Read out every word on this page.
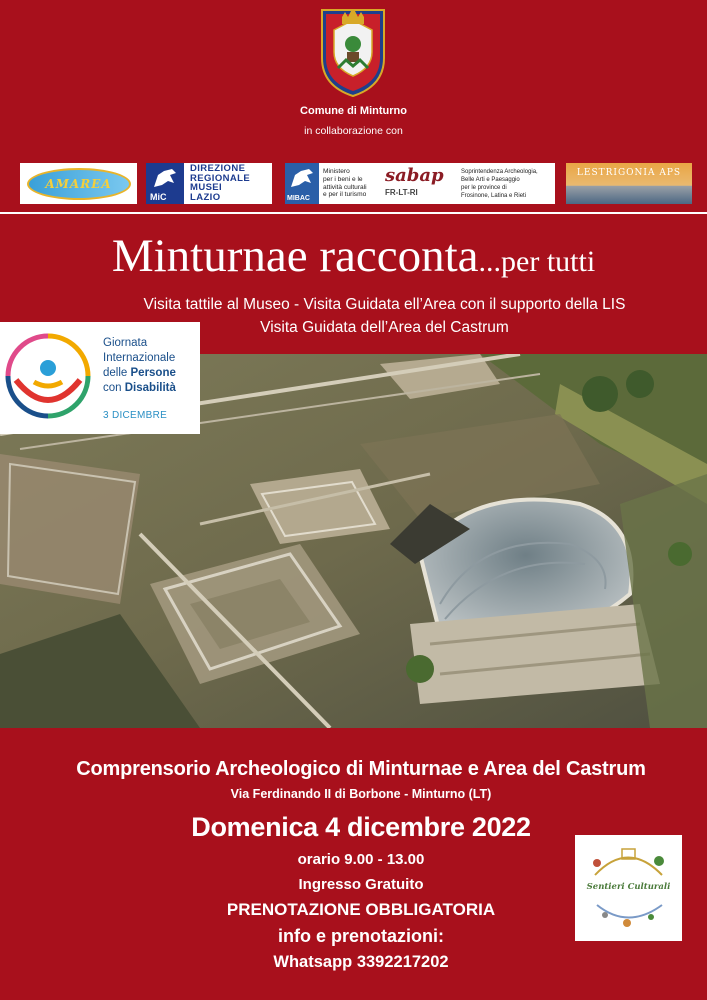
Comune di Minturno
in collaborazione con
AMAREA
MiC
DIREZIONE
REGIONALE
MUSEI
LAZIO	MIBAC
Ministero
per i beni e le
attività culturali
e per il turismo
sabap
FR-LT-RI
Soprintendenza Archeologia,
Belle Arti e Paesaggio
per le province di
Frosinone, Latina e Rieti
LESTRIGONIA APS
Minturnae racconta...per tutti
Visita tattile al Museo - Visita Guidata ell’Area con il supporto della LIS
Visita Guidata dell’Area del Castrum
Giornata
Internazionale
delle Persone
con Disabilità
3 DICEMBRE
Comprensorio Archeologico di Minturnae e Area del Castrum
Via Ferdinando II di Borbone - Minturno (LT)
Domenica 4 dicembre 2022
orario 9.00 - 13.00
Ingresso Gratuito
PRENOTAZIONE OBBLIGATORIA
info e prenotazioni:
Whatsapp 3392217202
Sentieri Culturali
